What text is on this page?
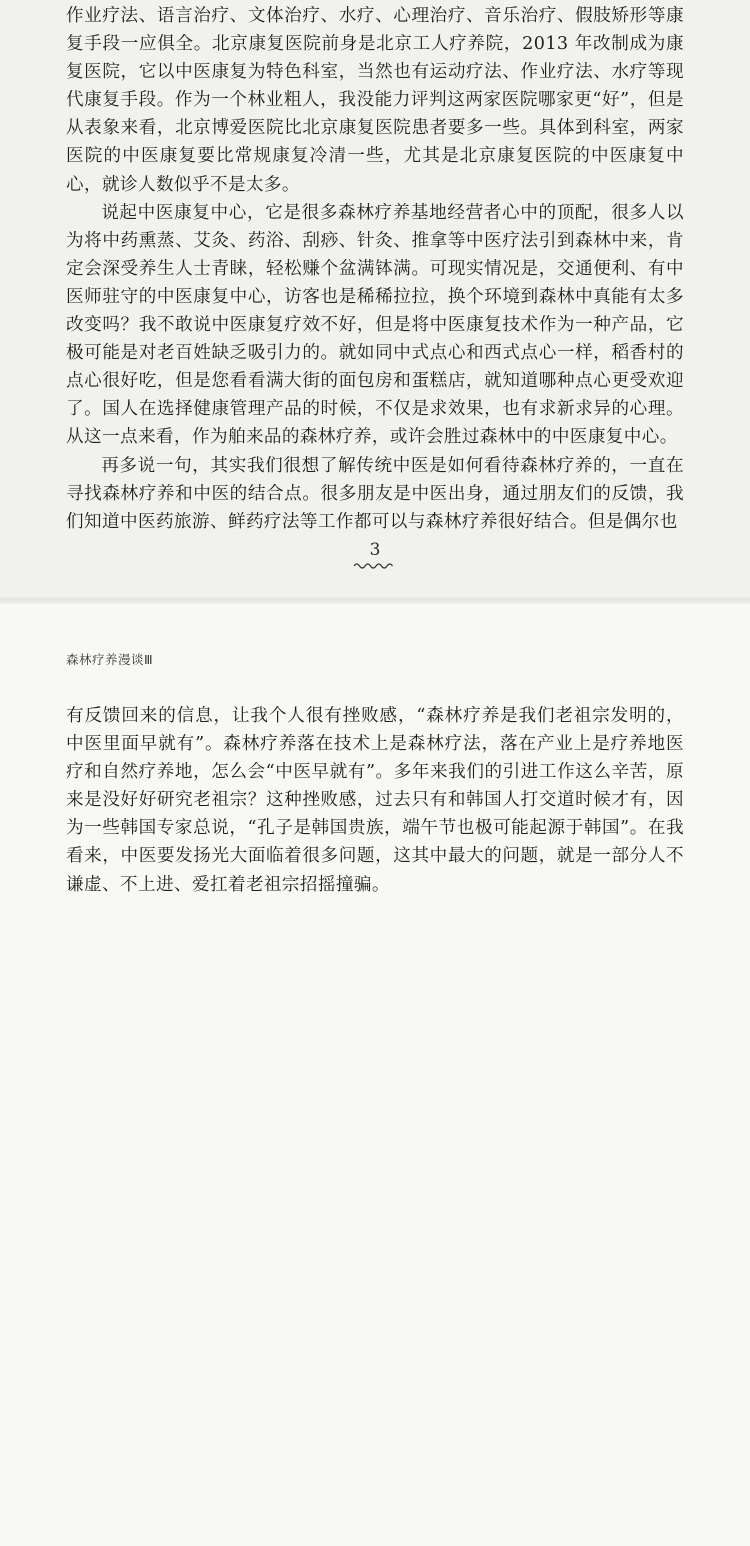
作业疗法、语言治疗、文体治疗、水疗、心理治疗、音乐治疗、假肢矫形等康复手段一应俱全。北京康复医院前身是北京工人疗养院，2013 年改制成为康复医院，它以中医康复为特色科室，当然也有运动疗法、作业疗法、水疗等现代康复手段。作为一个林业粗人，我没能力评判这两家医院哪家更“好”，但是从表象来看，北京博爱医院比北京康复医院患者要多一些。具体到科室，两家医院的中医康复要比常规康复冷清一些，尤其是北京康复医院的中医康复中心，就诊人数似乎不是太多。

说起中医康复中心，它是很多森林疗养基地经营者心中的顶配，很多人以为将中药熏蒸、艾灸、药浴、刮痧、针灸、推拿等中医疗法引到森林中来，肯定会深受养生人士青睐，轻松赚个盆满钵满。可现实情况是，交通便利、有中医师驻守的中医康复中心，访客也是稀稀拉拉，换个环境到森林中真能有太多改变吗？我不敢说中医康复疗效不好，但是将中医康复技术作为一种产品，它极可能是对老百姓缺乏吸引力的。就如同中式点心和西式点心一样，稻香村的点心很好吃，但是您看看满大街的面包房和蛋糕店，就知道哪种点心更受欢迎了。国人在选择健康管理产品的时候，不仅是求效果，也有求新求异的心理。从这一点来看，作为舶来品的森林疗养，或许会胜过森林中的中医康复中心。

再多说一句，其实我们很想了解传统中医是如何看待森林疗养的，一直在寻找森林疗养和中医的结合点。很多朋友是中医出身，通过朋友们的反馈，我们知道中医药旅游、鲜药疗法等工作都可以与森林疗养很好结合。但是偶尔也

3
森林疗养漫谈Ⅲ

有反馈回来的信息，让我个人很有挫败感，“森林疗养是我们老祖宗发明的，中医里面早就有”。森林疗养落在技术上是森林疗法，落在产业上是疗养地医疗和自然疗养地，怎么会“中医早就有”。多年来我们的引进工作这么辛苦，原来是没好好研究老祖宗？这种挫败感，过去只有和韩国人打交道时候才有，因为一些韩国专家总说，“孔子是韩国贵族，端午节也极可能起源于韩国”。在我看来，中医要发扬光大面临着很多问题，这其中最大的问题，就是一部分人不谦虚、不上进、爱扛着老祖宗招摇撞骗。
